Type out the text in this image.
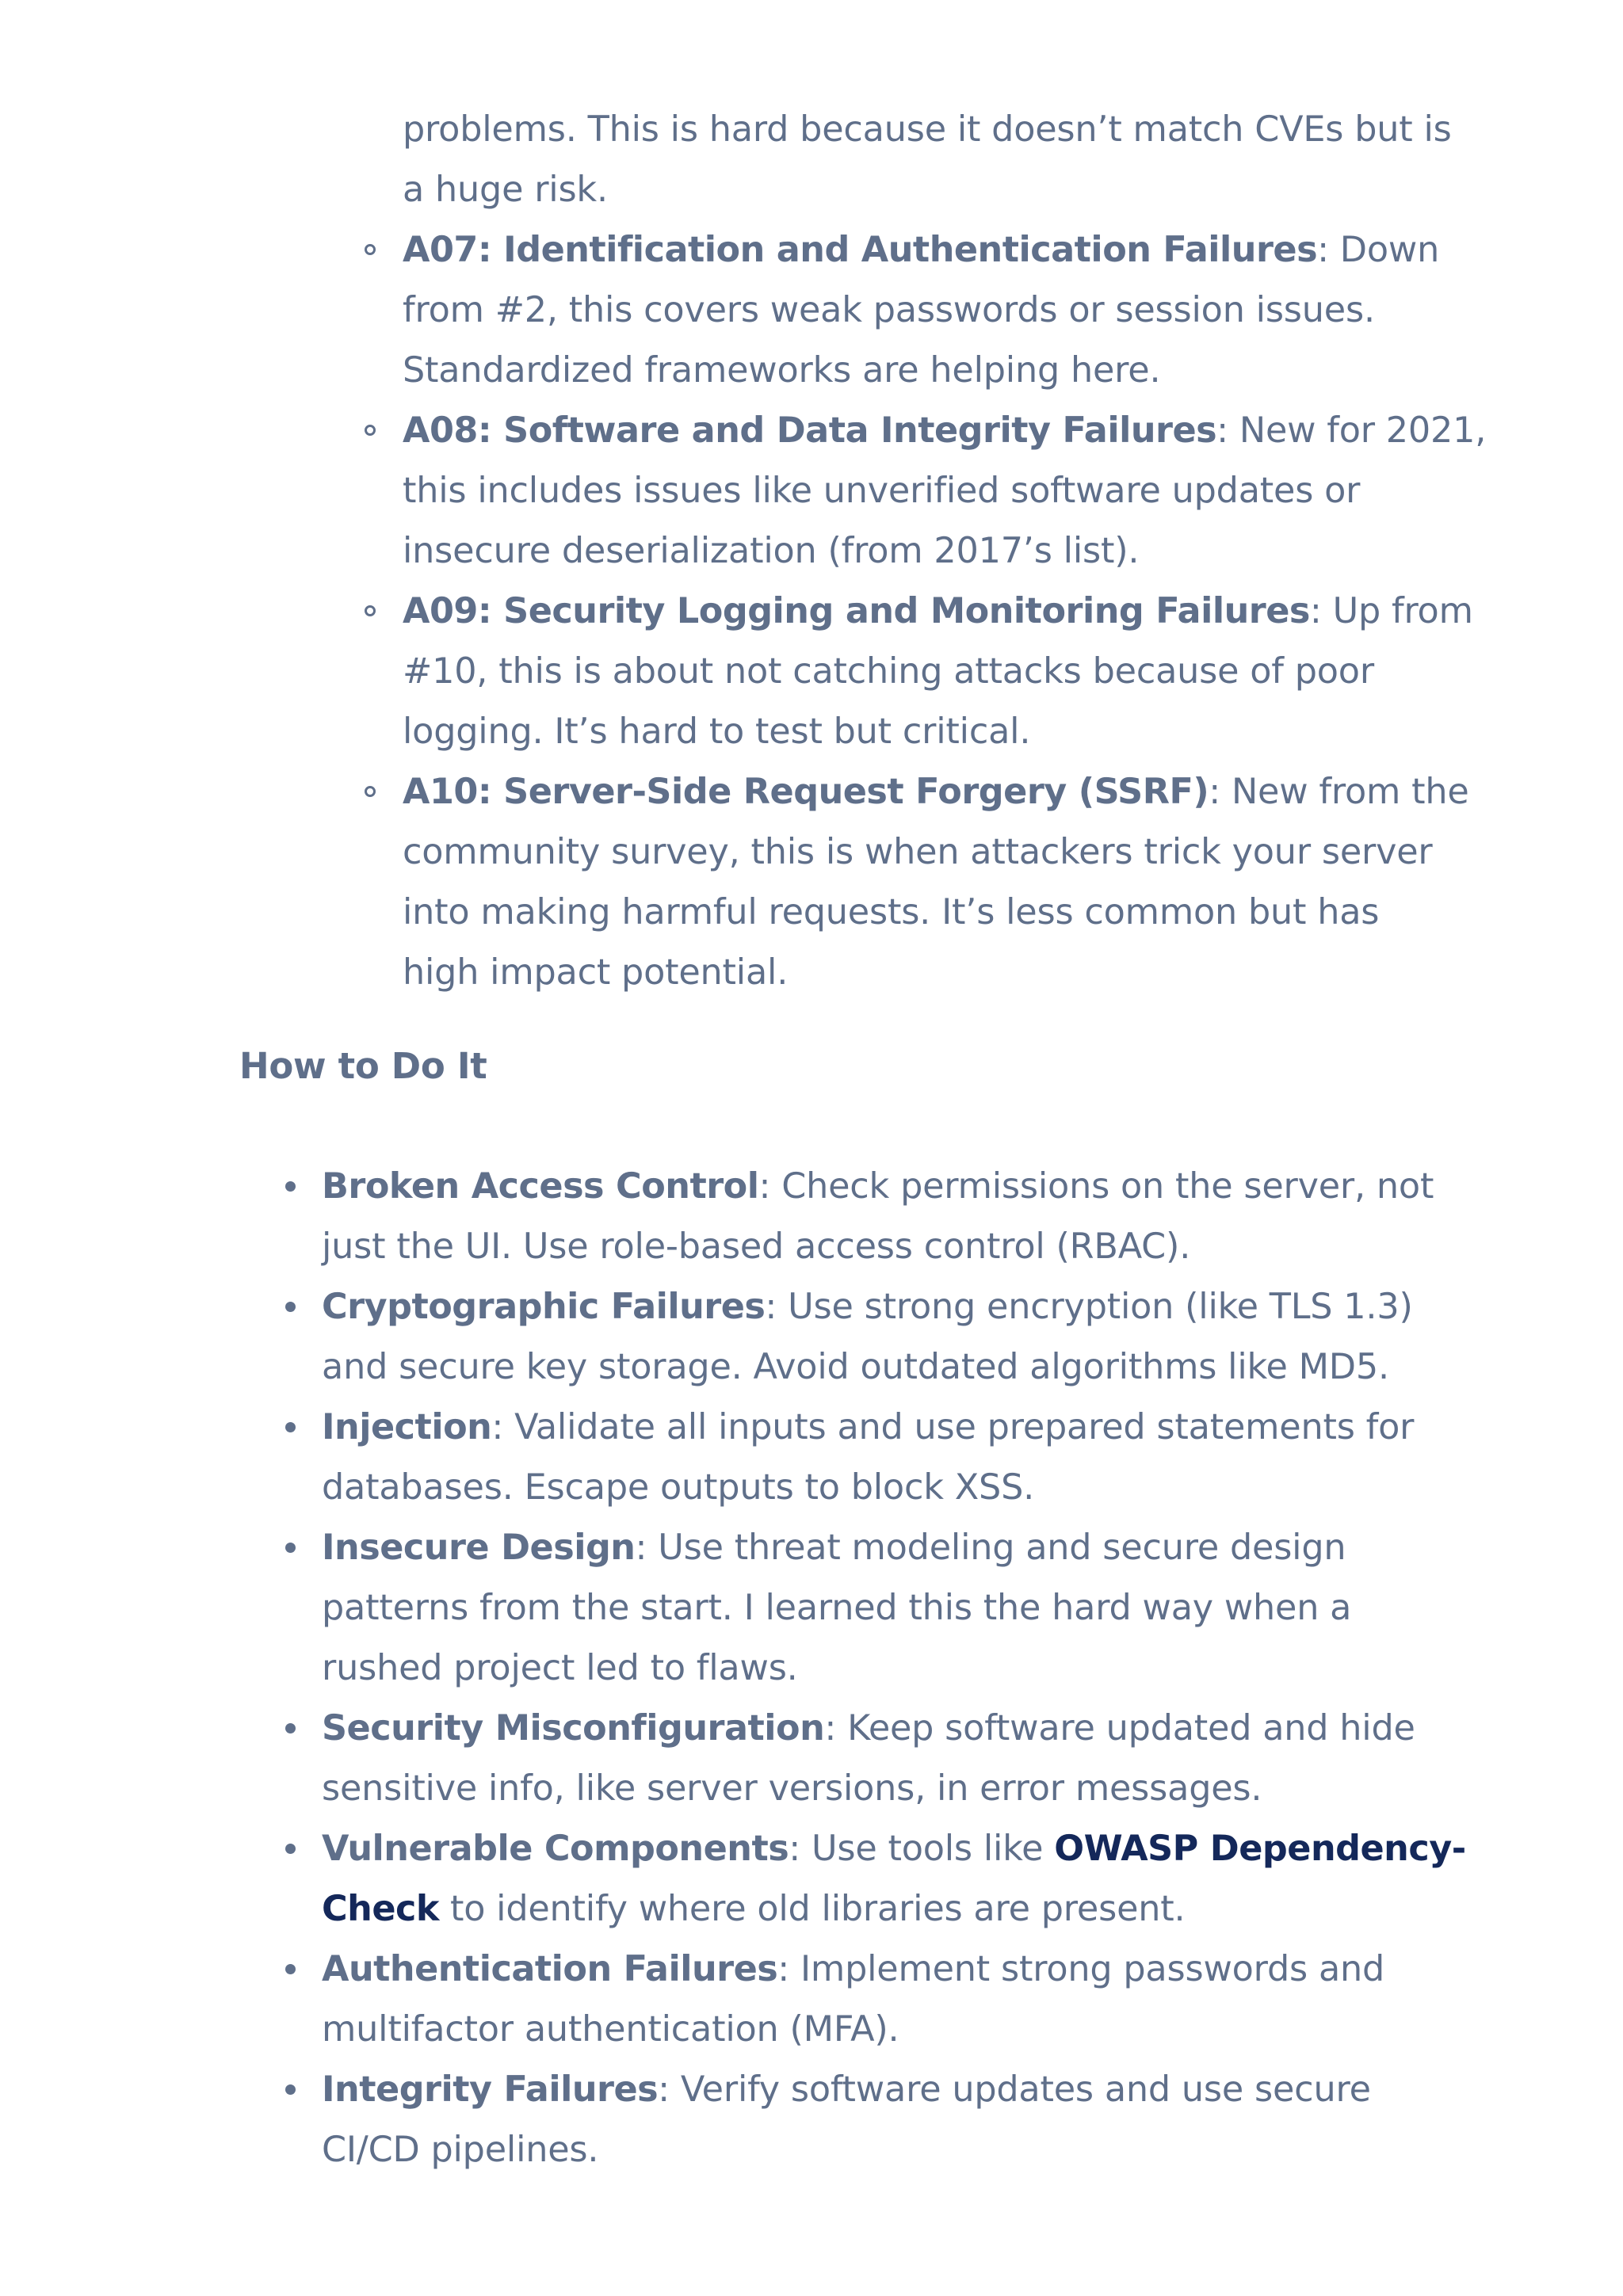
problems. This is hard because it doesn’t match CVEs but is
a huge risk.
A07: Identification and Authentication Failures: Down
from #2, this covers weak passwords or session issues.
Standardized frameworks are helping here.
A08: Software and Data Integrity Failures: New for 2021,
this includes issues like unverified software updates or
insecure deserialization (from 2017’s list).
A09: Security Logging and Monitoring Failures: Up from
#10, this is about not catching attacks because of poor
logging. It’s hard to test but critical.
A10: Server-Side Request Forgery (SSRF): New from the
community survey, this is when attackers trick your server
into making harmful requests. It’s less common but has
high impact potential.
How to Do It
Broken Access Control: Check permissions on the server, not
just the UI. Use role-based access control (RBAC).
Cryptographic Failures: Use strong encryption (like TLS 1.3)
and secure key storage. Avoid outdated algorithms like MD5.
Injection: Validate all inputs and use prepared statements for
databases. Escape outputs to block XSS.
Insecure Design: Use threat modeling and secure design
patterns from the start. I learned this the hard way when a
rushed project led to flaws.
Security Misconfiguration: Keep software updated and hide
sensitive info, like server versions, in error messages.
Vulnerable Components: Use tools like OWASP Dependency-
Check to identify where old libraries are present.
Authentication Failures: Implement strong passwords and
multifactor authentication (MFA).
Integrity Failures: Verify software updates and use secure
CI/CD pipelines.
